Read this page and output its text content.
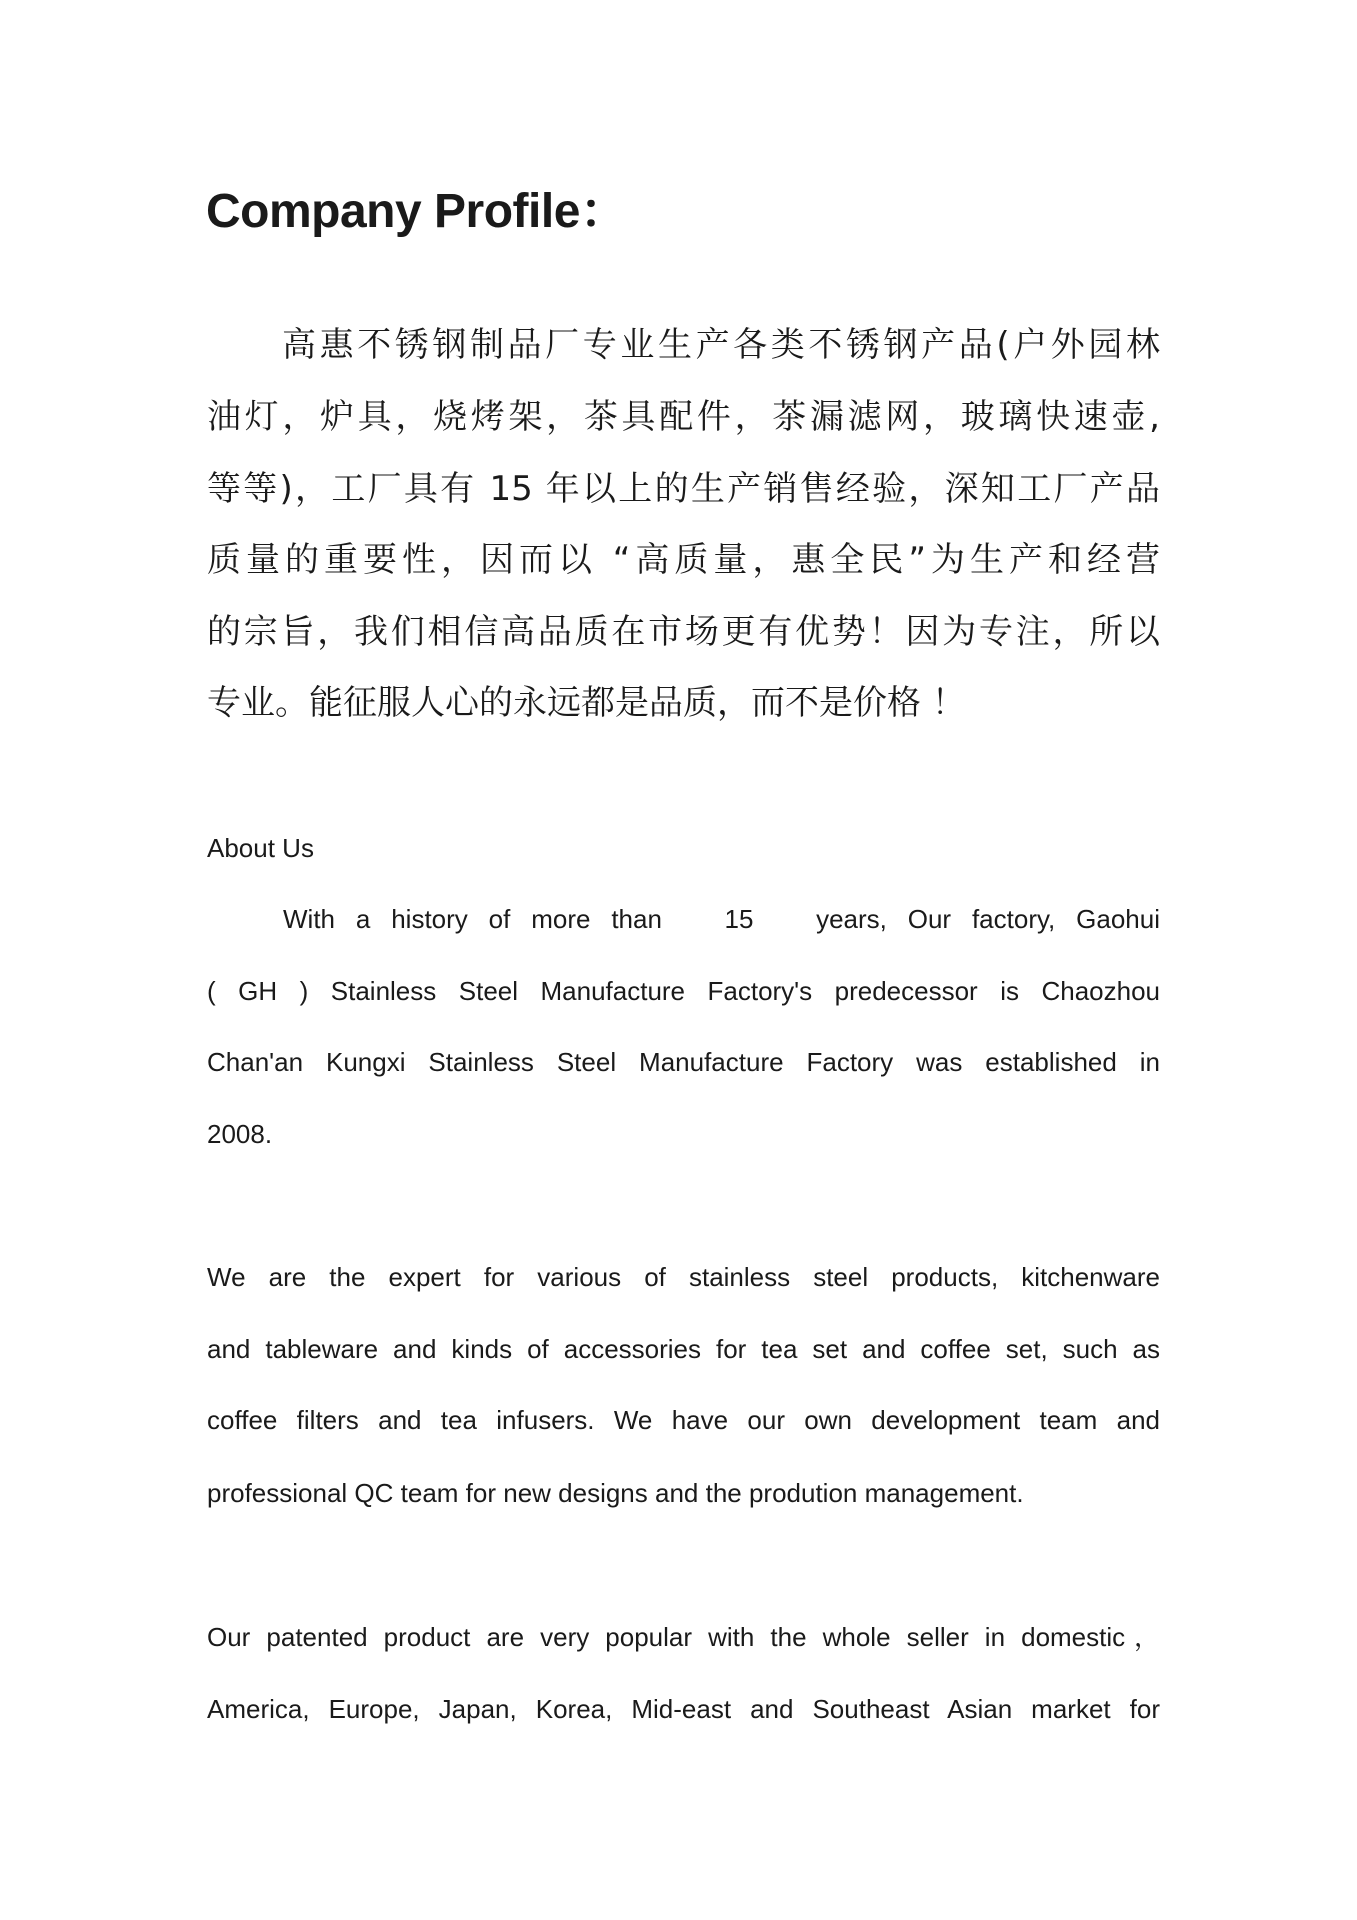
Company Profile：
高惠不锈钢制品厂专业生产各类不锈钢产品(户外园林
油灯，炉具，烧烤架，茶具配件，茶漏滤网，玻璃快速壶,
等等)，工厂具有 15 年以上的生产销售经验，深知工厂产品
质量的重要性，因而以 “高质量，惠全民”为生产和经营
的宗旨，我们相信高品质在市场更有优势！因为专注，所以
专业。能征服人心的永远都是品质，而不是价格 ！
About Us
With a history of more than   15   years, Our factory, Gaohui
( GH ) Stainless Steel Manufacture Factory's predecessor is Chaozhou
Chan'an Kungxi Stainless Steel Manufacture Factory was established in
2008.
We are the expert for various of stainless steel products, kitchenware
and tableware and kinds of accessories for tea set and coffee set, such as
coffee filters and tea infusers. We have our own development team and
professional QC team for new designs and the prodution management.
Our patented product are very popular with the whole seller in domestic，
America, Europe, Japan, Korea, Mid-east and Southeast Asian market for
